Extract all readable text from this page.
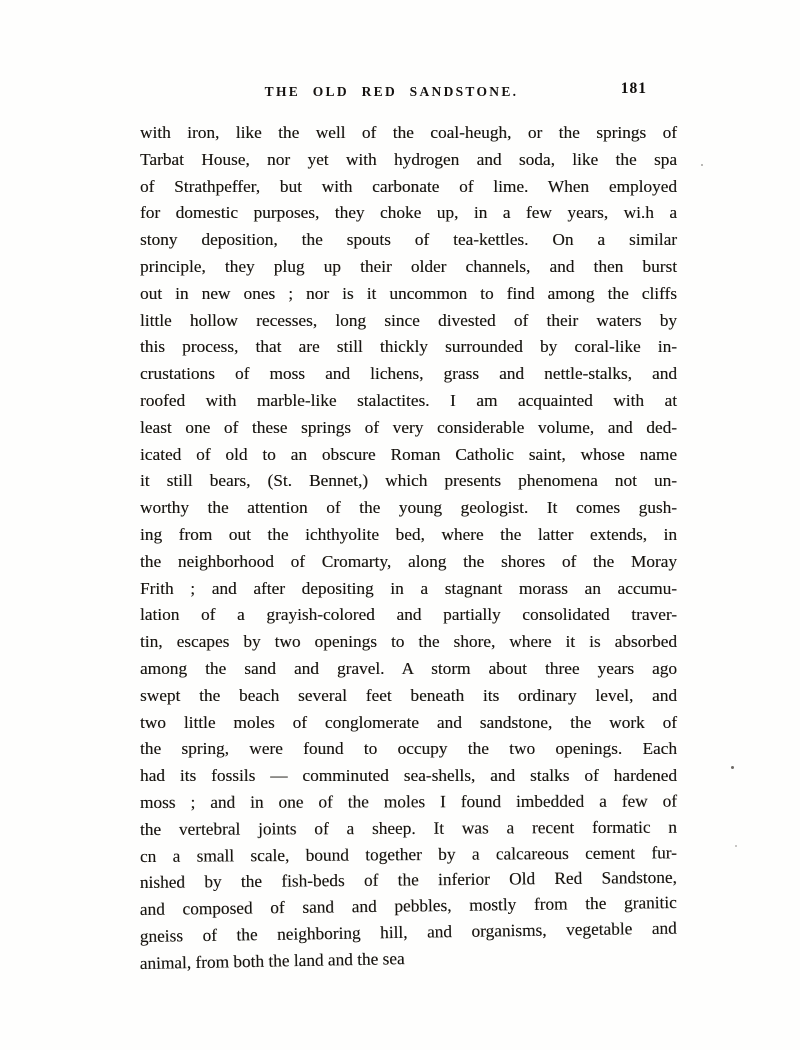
THE OLD RED SANDSTONE.	181
with iron, like the well of the coal-heugh, or the springs of
Tarbat House, nor yet with hydrogen and soda, like the spa
of Strathpeffer, but with carbonate of lime. When employed
for domestic purposes, they choke up, in a few years, wi.h a
stony deposition, the spouts of tea-kettles. On a similar
principle, they plug up their older channels, and then burst
out in new ones ; nor is it uncommon to find among the cliffs
little hollow recesses, long since divested of their waters by
this process, that are still thickly surrounded by coral-like in-
crustations of moss and lichens, grass and nettle-stalks, and
roofed with marble-like stalactites. I am acquainted with at
least one of these springs of very considerable volume, and ded-
icated of old to an obscure Roman Catholic saint, whose name
it still bears, (St. Bennet,) which presents phenomena not un-
worthy the attention of the young geologist. It comes gush-
ing from out the ichthyolite bed, where the latter extends, in
the neighborhood of Cromarty, along the shores of the Moray
Frith ; and after depositing in a stagnant morass an accumu-
lation of a grayish-colored and partially consolidated traver-
tin, escapes by two openings to the shore, where it is absorbed
among the sand and gravel. A storm about three years ago
swept the beach several feet beneath its ordinary level, and
two little moles of conglomerate and sandstone, the work of
the spring, were found to occupy the two openings. Each
had its fossils — comminuted sea-shells, and stalks of hardened
moss ; and in one of the moles I found imbedded a few of
the vertebral joints of a sheep. It was a recent formatic n
cn a small scale, bound together by a calcareous cement fur-
nished by the fish-beds of the inferior Old Red Sandstone,
and composed of sand and pebbles, mostly from the granitic
gneiss of the neighboring hill, and organisms, vegetable and
animal, from both the land and the sea
